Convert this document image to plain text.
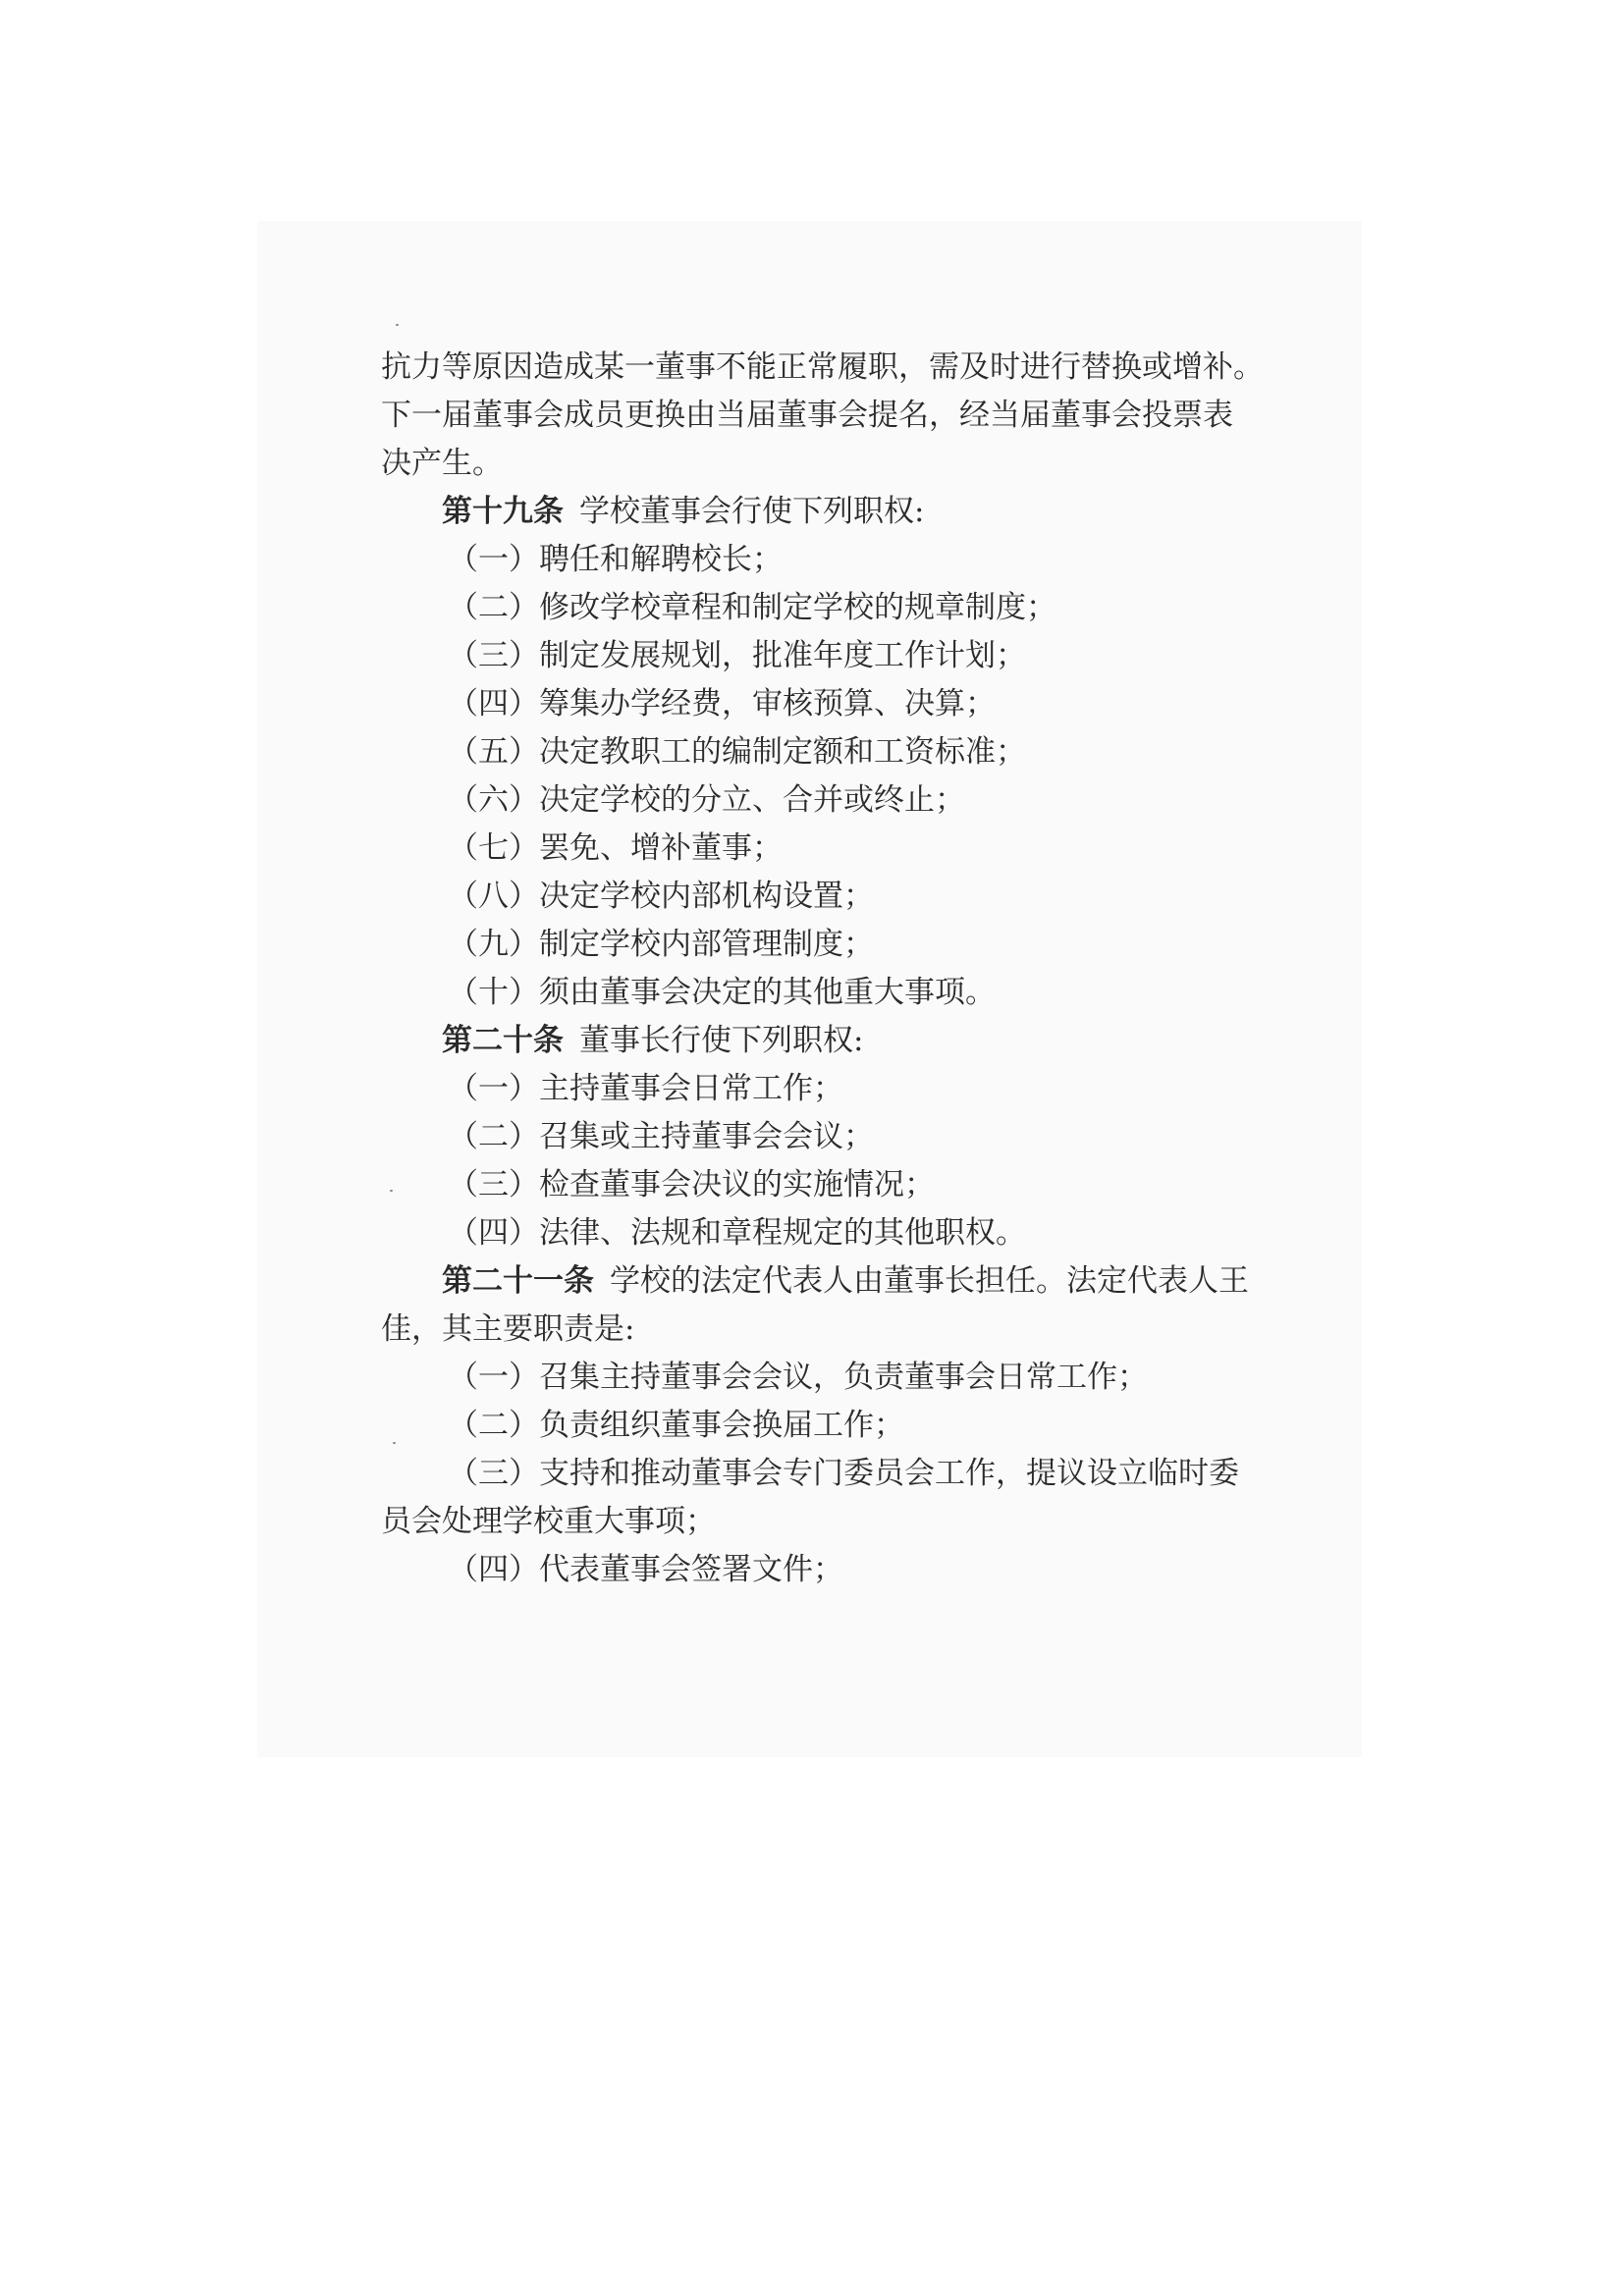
抗力等原因造成某一董事不能正常履职，需及时进行替换或增补。
下一届董事会成员更换由当届董事会提名，经当届董事会投票表
决产生。
第十九条 学校董事会行使下列职权:
（一）聘任和解聘校长；
（二）修改学校章程和制定学校的规章制度；
（三）制定发展规划，批准年度工作计划；
（四）筹集办学经费，审核预算、决算；
（五）决定教职工的编制定额和工资标准；
（六）决定学校的分立、合并或终止；
（七）罢免、增补董事；
（八）决定学校内部机构设置；
（九）制定学校内部管理制度；
（十）须由董事会决定的其他重大事项。
第二十条 董事长行使下列职权:
（一）主持董事会日常工作；
（二）召集或主持董事会会议；
（三）检查董事会决议的实施情况；
（四）法律、法规和章程规定的其他职权。
第二十一条 学校的法定代表人由董事长担任。法定代表人王
佳，其主要职责是:
（一）召集主持董事会会议，负责董事会日常工作；
（二）负责组织董事会换届工作；
（三）支持和推动董事会专门委员会工作，提议设立临时委
员会处理学校重大事项；
（四）代表董事会签署文件；
